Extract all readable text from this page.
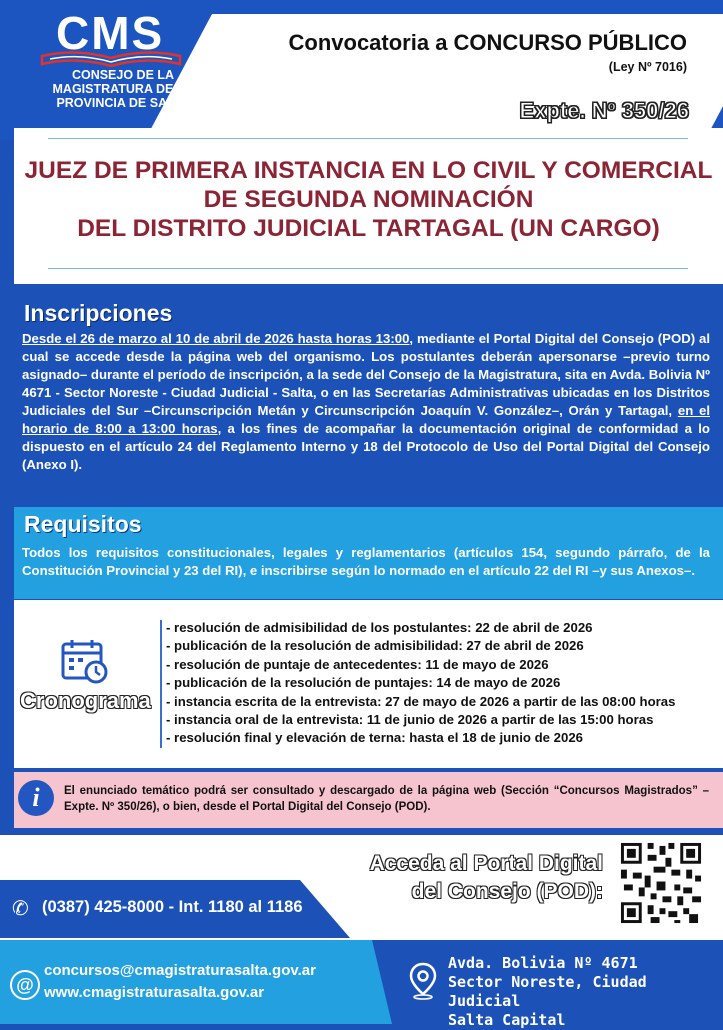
CMS
CONSEJO DE LA
MAGISTRATURA DE LA
PROVINCIA DE SALTA
Convocatoria a CONCURSO PÚBLICO
(Ley Nº 7016)
Expte. Nº 350/26
JUEZ DE PRIMERA INSTANCIA EN LO CIVIL Y COMERCIAL
DE SEGUNDA NOMINACIÓN
DEL DISTRITO JUDICIAL TARTAGAL (UN CARGO)
Inscripciones
Desde el 26 de marzo al 10 de abril de 2026 hasta horas 13:00, mediante el Portal Digital del Consejo (POD) al cual se accede desde la página web del organismo. Los postulantes deberán apersonarse –previo turno asignado– durante el período de inscripción, a la sede del Consejo de la Magistratura, sita en Avda. Bolivia Nº 4671 - Sector Noreste - Ciudad Judicial - Salta, o en las Secretarías Administrativas ubicadas en los Distritos Judiciales del Sur –Circunscripción Metán y Circunscripción Joaquín V. González–, Orán y Tartagal, en el horario de 8:00 a 13:00 horas, a los fines de acompañar la documentación original de conformidad a lo dispuesto en el artículo 24 del Reglamento Interno y 18 del Protocolo de Uso del Portal Digital del Consejo (Anexo I).
Requisitos
Todos los requisitos constitucionales, legales y reglamentarios (artículos 154, segundo párrafo, de la Constitución Provincial y 23 del RI), e inscribirse según lo normado en el artículo 22 del RI –y sus Anexos–.
Cronograma
- resolución de admisibilidad de los postulantes: 22 de abril de 2026
- publicación de la resolución de admisibilidad: 27 de abril de 2026
- resolución de puntaje de antecedentes: 11 de mayo de 2026
- publicación de la resolución de puntajes: 14 de mayo de 2026
- instancia escrita de la entrevista: 27 de mayo de 2026 a partir de las 08:00 horas
- instancia oral de la entrevista: 11 de junio de 2026 a partir de las 15:00 horas
- resolución final y elevación de terna: hasta el 18 de junio de 2026
i	El enunciado temático podrá ser consultado y descargado de la página web (Sección “Concursos Magistrados” – Expte. Nº 350/26), o bien, desde el Portal Digital del Consejo (POD).
✆ (0387) 425-8000 - Int. 1180 al 1186
Acceda al Portal Digital
del Consejo (POD):
@
concursos@cmagistraturasalta.gov.ar
www.cmagistraturasalta.gov.ar
Avda. Bolivia Nº 4671
Sector Noreste, Ciudad Judicial
Salta Capital
